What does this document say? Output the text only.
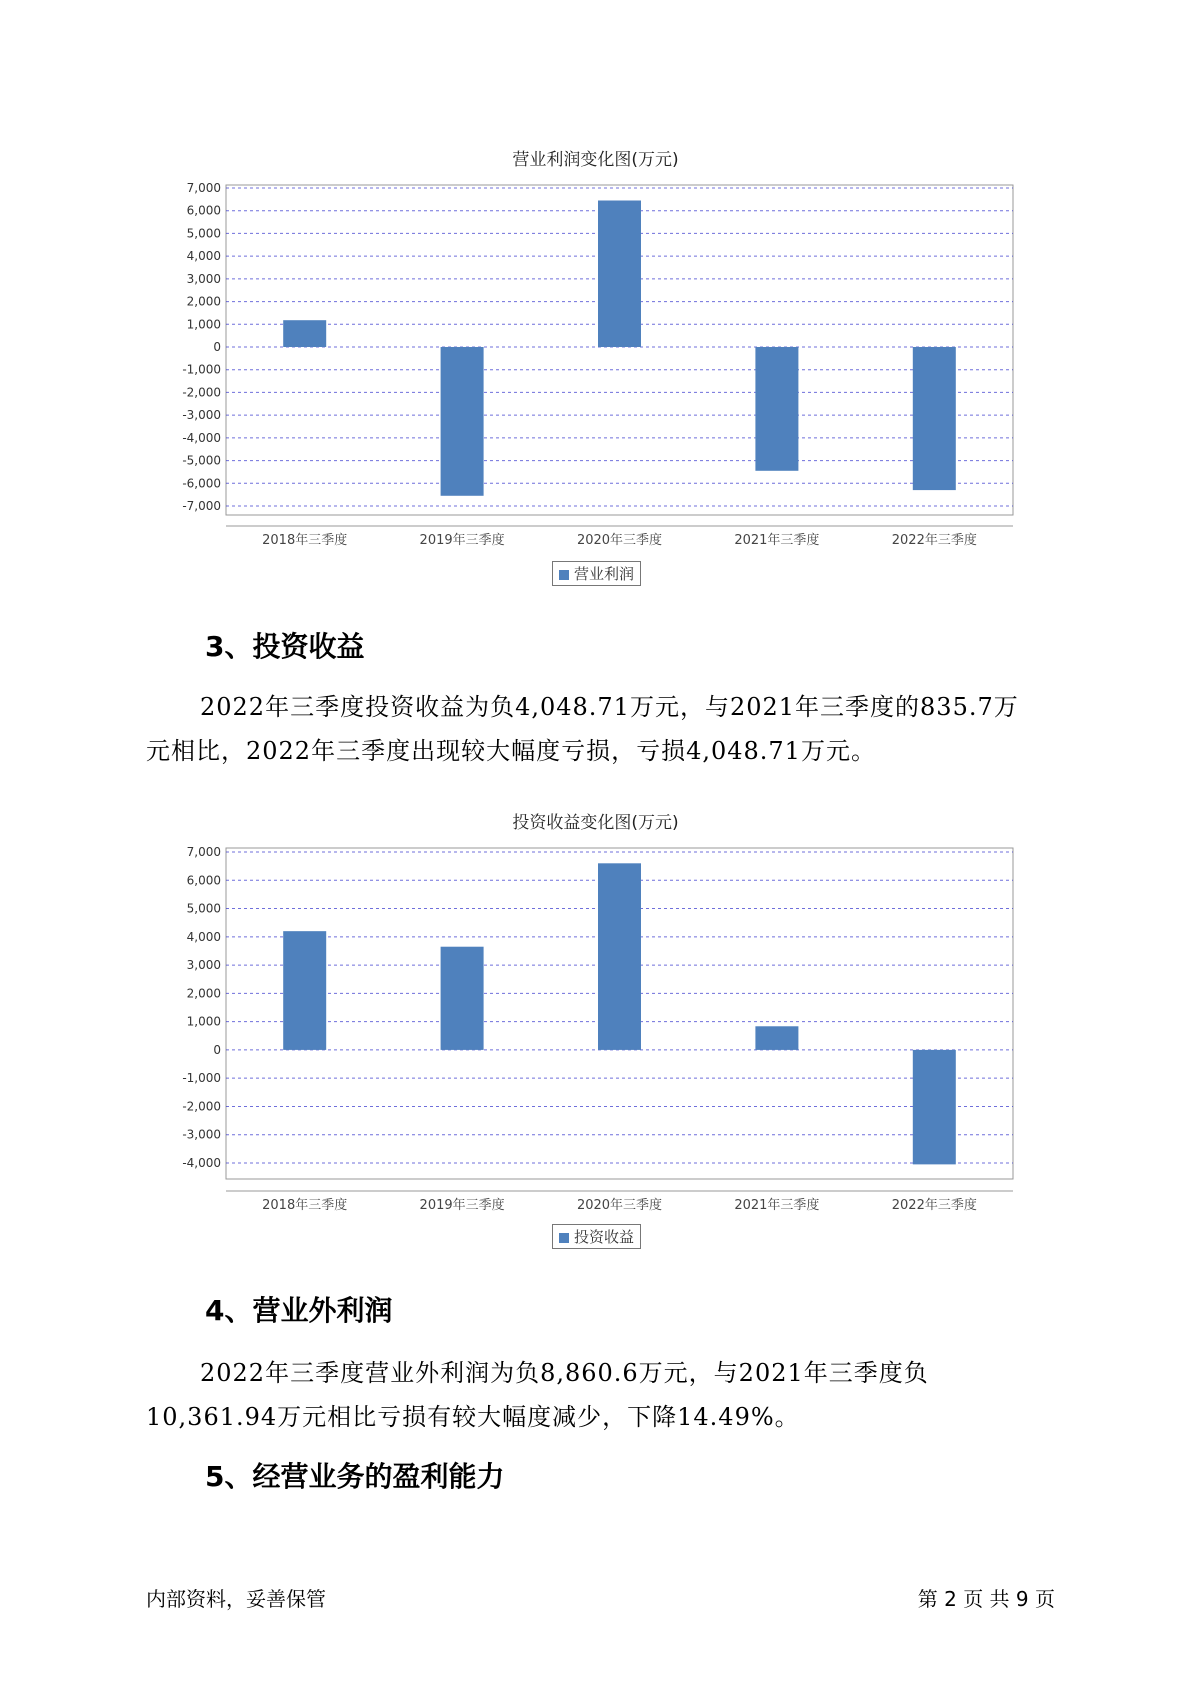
营业利润变化图(万元)
7,000
6,000
5,000
4,000
3,000
2,000
1,000
0
-1,000
-2,000
-3,000
-4,000
-5,000
-6,000
-7,000
2018年三季度	2019年三季度	2020年三季度	2021年三季度	2022年三季度
营业利润
3、投资收益
2022年三季度投资收益为负4,048.71万元，与2021年三季度的835.7万
元相比，2022年三季度出现较大幅度亏损，亏损4,048.71万元。
投资收益变化图(万元)
7,000
6,000
5,000
4,000
3,000
2,000
1,000
0
-1,000
-2,000
-3,000
-4,000
2018年三季度	2019年三季度	2020年三季度	2021年三季度	2022年三季度
投资收益
4、营业外利润
2022年三季度营业外利润为负8,860.6万元，与2021年三季度负
10,361.94万元相比亏损有较大幅度减少，下降14.49%。
5、经营业务的盈利能力
内部资料，妥善保管	第 2 页 共 9 页
